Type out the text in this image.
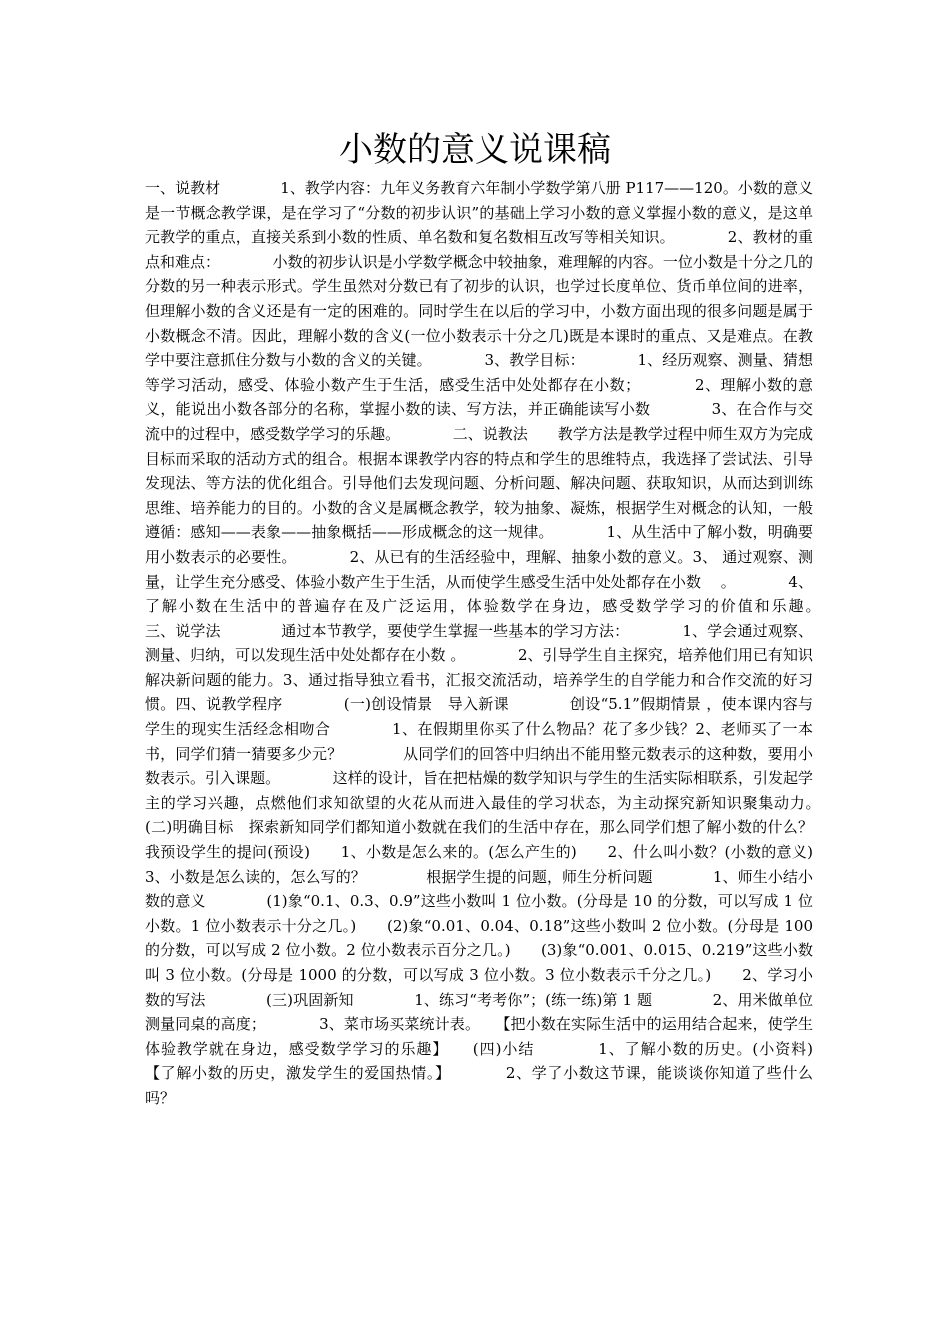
小数的意义说课稿
一、说教材　　　　1、教学内容：九年义务教育六年制小学数学第八册 P117——120。小数的意义是一节概念教学课，是在学习了“分数的初步认识”的基础上学习小数的意义掌握小数的意义，是这单元教学的重点，直接关系到小数的性质、单名数和复名数相互改写等相关知识。　　　　2、教材的重点和难点：　　　　小数的初步认识是小学数学概念中较抽象，难理解的内容。一位小数是十分之几的分数的另一种表示形式。学生虽然对分数已有了初步的认识，也学过长度单位、货币单位间的进率，但理解小数的含义还是有一定的困难的。同时学生在以后的学习中，小数方面出现的很多问题是属于小数概念不清。因此，理解小数的含义(一位小数表示十分之几)既是本课时的重点、又是难点。在教学中要注意抓住分数与小数的含义的关键。　　　　3、教学目标：　　　　1、经历观察、测量、猜想等学习活动，感受、体验小数产生于生活，感受生活中处处都存在小数；　　　　2、理解小数的意义，能说出小数各部分的名称，掌握小数的读、写方法，并正确能读写小数　　　　3、在合作与交流中的过程中，感受数学学习的乐趣。　　　　二、说教法　　教学方法是教学过程中师生双方为完成目标而采取的活动方式的组合。根据本课教学内容的特点和学生的思维特点，我选择了尝试法、引导发现法、等方法的优化组合。引导他们去发现问题、分析问题、解决问题、获取知识，从而达到训练思维、培养能力的目的。小数的含义是属概念教学，较为抽象、凝炼，根据学生对概念的认知，一般遵循：感知——表象——抽象概括——形成概念的这一规律。　　　　1、从生活中了解小数，明确要用小数表示的必要性。　　　　2、从已有的生活经验中，理解、抽象小数的意义。3、 通过观察、测量，让学生充分感受、体验小数产生于生活，从而使学生感受生活中处处都存在小数　 。　　　　4、了解小数在生活中的普遍存在及广泛运用，体验数学在身边，感受数学学习的价值和乐趣。　　　　三、说学法　　　　通过本节教学，要使学生掌握一些基本的学习方法：　　　　1、学会通过观察、测量、归纳，可以发现生活中处处都存在小数 。　　　　2、引导学生自主探究，培养他们用已有知识解决新问题的能力。3、通过指导独立看书，汇报交流活动，培养学生的自学能力和合作交流的好习惯。四、说教学程序　　　　(一)创设情景　导入新课　　　　创设“5.1”假期情景 ，使本课内容与学生的现实生活经念相吻合　　　　1、在假期里你买了什么物品？花了多少钱？2、老师买了一本书，同学们猜一猜要多少元？　　　　从同学们的回答中归纳出不能用整元数表示的这种数，要用小数表示。引入课题。　　　　这样的设计，旨在把枯燥的数学知识与学生的生活实际相联系，引发起学主的学习兴趣，点燃他们求知欲望的火花从而进入最佳的学习状态，为主动探究新知识聚集动力。　　　　(二)明确目标　探索新知同学们都知道小数就在我们的生活中存在，那么同学们想了解小数的什么？　　　　我预设学生的提问(预设)　　1、小数是怎么来的。(怎么产生的)　　2、什么叫小数？(小数的意义)3、小数是怎么读的，怎么写的？　　　　根据学生提的问题，师生分析问题　　　　1、师生小结小数的意义　　　　(1)象“0.1、0.3、0.9”这些小数叫 1 位小数。(分母是 10 的分数，可以写成 1 位小数。1 位小数表示十分之几。)　　(2)象“0.01、0.04、0.18”这些小数叫 2 位小数。(分母是 100 的分数，可以写成 2 位小数。2 位小数表示百分之几。)　　(3)象“0.001、0.015、0.219”这些小数叫 3 位小数。(分母是 1000 的分数，可以写成 3 位小数。3 位小数表示千分之几。)　　2、学习小数的写法　　　　(三)巩固新知　　　　1、练习“考考你”；(练一练)第 1 题　　　　2、用米做单位测量同桌的高度；　　　　3、菜市场买菜统计表。　　【把小数在实际生活中的运用结合起来，使学生体验教学就在身边，感受数学学习的乐趣】　　(四)小结　　　　1、了解小数的历史。(小资料)　　【了解小数的历史，激发学生的爱国热情。】　　　　2、学了小数这节课，能谈谈你知道了些什么吗？
